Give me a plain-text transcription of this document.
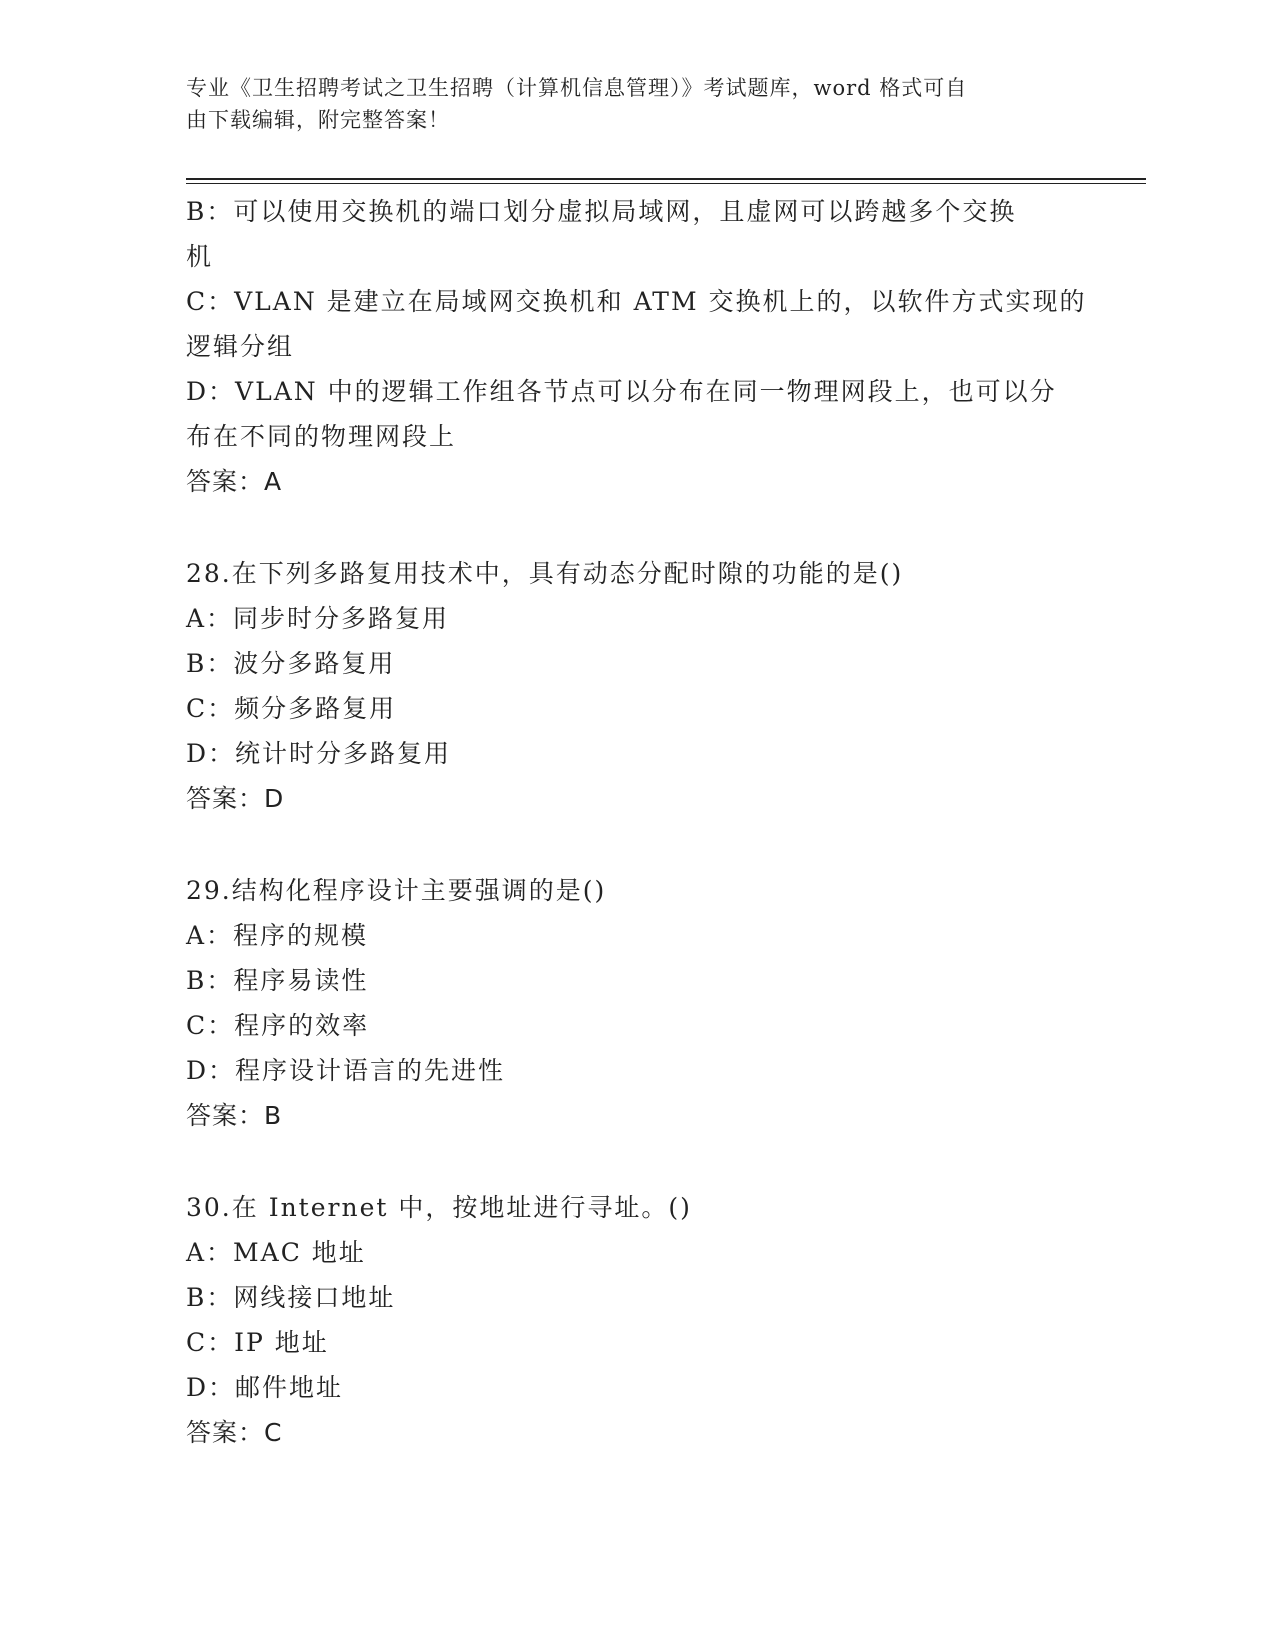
专业《卫生招聘考试之卫生招聘（计算机信息管理）》考试题库，word 格式可自
由下载编辑，附完整答案！
B：可以使用交换机的端口划分虚拟局域网，且虚网可以跨越多个交换
机
C：VLAN 是建立在局域网交换机和 ATM 交换机上的，以软件方式实现的
逻辑分组
D：VLAN 中的逻辑工作组各节点可以分布在同一物理网段上，也可以分
布在不同的物理网段上
答案：A
28.在下列多路复用技术中，具有动态分配时隙的功能的是()
A：同步时分多路复用
B：波分多路复用
C：频分多路复用
D：统计时分多路复用
答案：D
29.结构化程序设计主要强调的是()
A：程序的规模
B：程序易读性
C：程序的效率
D：程序设计语言的先进性
答案：B
30.在 Internet 中，按地址进行寻址。()
A：MAC 地址
B：网线接口地址
C：IP 地址
D：邮件地址
答案：C
